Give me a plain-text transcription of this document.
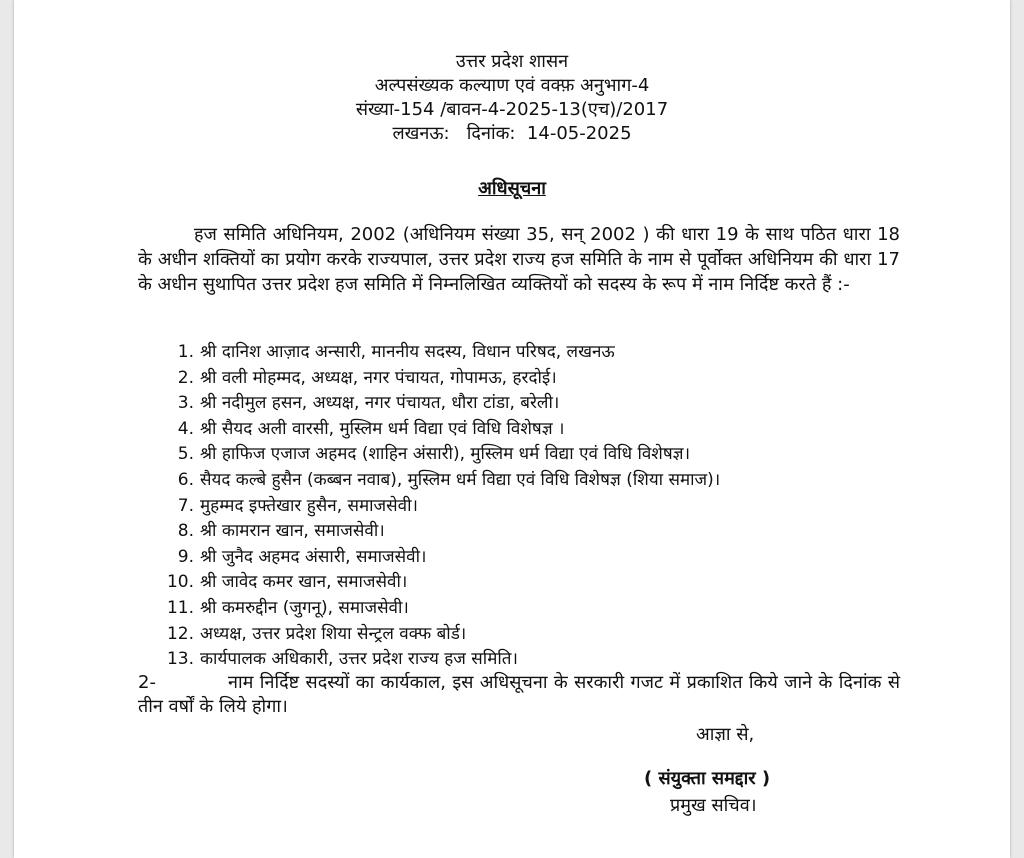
उत्तर प्रदेश शासन
अल्पसंख्यक कल्याण एवं वक्फ़ अनुभाग-4
संख्या-154 /बावन-4-2025-13(एच)/2017
लखनऊ:   दिनांक:  14-05-2025
अधिसूचना
हज समिति अधिनियम, 2002 (अधिनियम संख्या 35, सन् 2002 ) की धारा 19 के साथ पठित धारा 18 के अधीन शक्तियों का प्रयोग करके राज्यपाल, उत्तर प्रदेश राज्य हज समिति के नाम से पूर्वोक्त अधिनियम की धारा 17 के अधीन सुथापित उत्तर प्रदेश हज समिति में निम्नलिखित व्यक्तियों को सदस्य के रूप में नाम निर्दिष्ट करते हैं :-
1. श्री दानिश आज़ाद अन्सारी, माननीय सदस्य, विधान परिषद, लखनऊ
2. श्री वली मोहम्मद, अध्यक्ष, नगर पंचायत, गोपामऊ, हरदोई।
3. श्री नदीमुल हसन, अध्यक्ष, नगर पंचायत, धौरा टांडा, बरेली।
4. श्री सैयद अली वारसी, मुस्लिम धर्म विद्या एवं विधि विशेषज्ञ ।
5. श्री हाफिज एजाज अहमद (शाहिन अंसारी), मुस्लिम धर्म विद्या एवं विधि विशेषज्ञ।
6. सैयद कल्बे हुसैन (कब्बन नवाब), मुस्लिम धर्म विद्या एवं विधि विशेषज्ञ (शिया समाज)।
7. मुहम्मद इफ्तेखार हुसैन, समाजसेवी।
8. श्री कामरान खान, समाजसेवी।
9. श्री जुनैद अहमद अंसारी, समाजसेवी।
10. श्री जावेद कमर खान, समाजसेवी।
11. श्री कमरुद्दीन (जुगनू), समाजसेवी।
12. अध्यक्ष, उत्तर प्रदेश शिया सेन्ट्रल वक्फ बोर्ड।
13. कार्यपालक अधिकारी, उत्तर प्रदेश राज्य हज समिति।
2-	नाम निर्दिष्ट सदस्यों का कार्यकाल, इस अधिसूचना के सरकारी गजट में प्रकाशित किये जाने के दिनांक से तीन वर्षों के लिये होगा।
आज्ञा से,
( संयुक्ता समद्दार )
प्रमुख सचिव।
